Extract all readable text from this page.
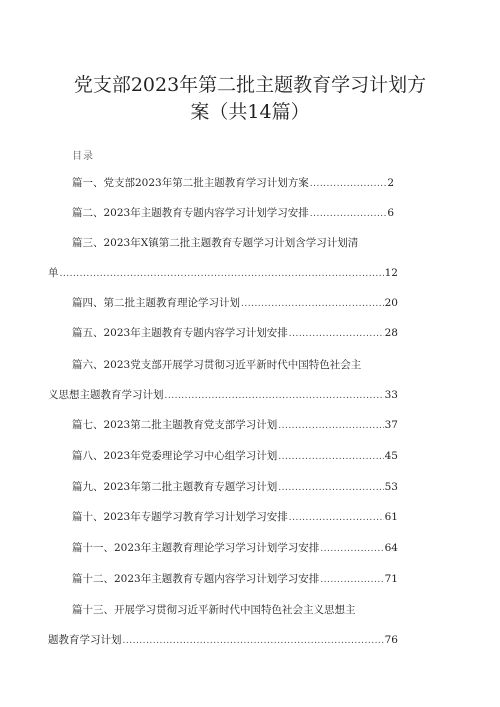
党支部2023年第二批主题教育学习计划方
案（共14篇）
目录
篇一、党支部2023年第二批主题教育学习计划方案 .....	2
篇二、2023年主题教育专题内容学习计划学习安排 .....	6
篇三、2023年X镇第二批主题教育专题学习计划含学习计划清
单 .....	12
篇四、第二批主题教育理论学习计划 .....	20
篇五、2023年主题教育专题内容学习计划安排 .....	28
篇六、2023党支部开展学习贯彻习近平新时代中国特色社会主
义思想主题教育学习计划 .....	33
篇七、2023第二批主题教育党支部学习计划 .....	37
篇八、2023年党委理论学习中心组学习计划 .....	45
篇九、2023年第二批主题教育专题学习计划 .....	53
篇十、2023年专题学习教育学习计划学习安排 .....	61
篇十一、2023年主题教育理论学习学习计划学习安排 .....	64
篇十二、2023年主题教育专题内容学习计划学习安排 .....	71
篇十三、开展学习贯彻习近平新时代中国特色社会主义思想主
题教育学习计划 .....	76
